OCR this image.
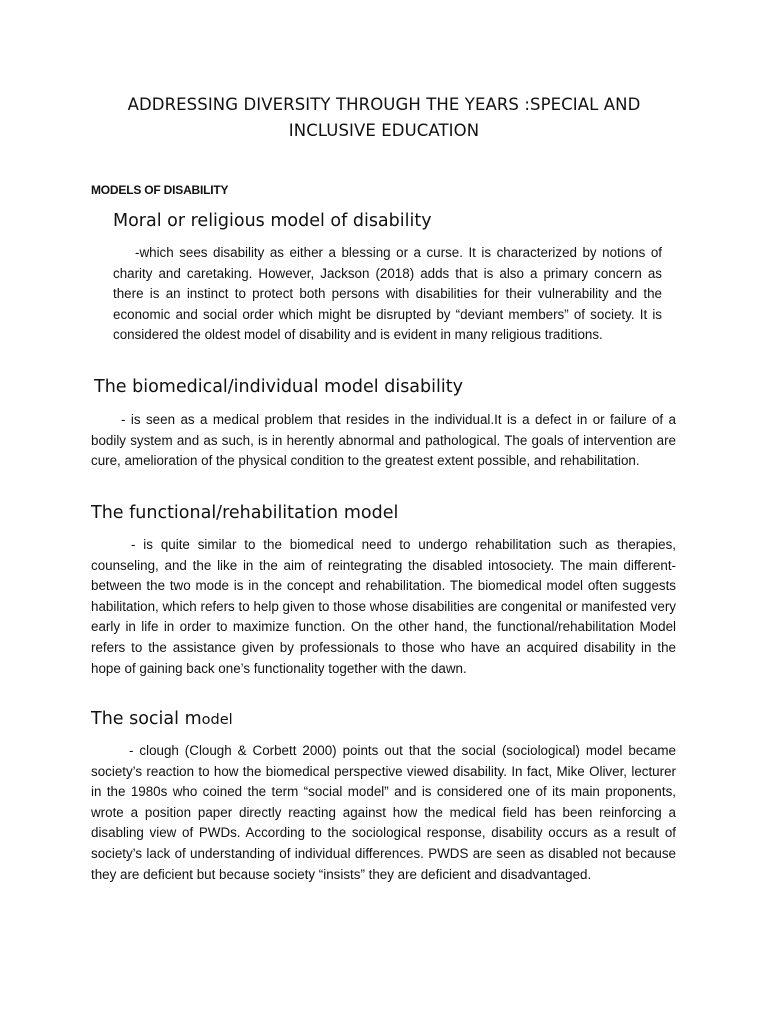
ADDRESSING DIVERSITY THROUGH THE YEARS :SPECIAL AND
INCLUSIVE EDUCATION
MODELS OF DISABILITY
Moral or religious model of disability

-which sees disability as either a blessing or a curse. It is characterized by notions of charity and caretaking. However, Jackson (2018) adds that is also a primary concern as there is an instinct to protect both persons with disabilities for their vulnerability and the economic and social order which might be disrupted by “deviant members” of society. It is considered the oldest model of disability and is evident in many religious traditions.

The biomedical/individual model disability

- is seen as a medical problem that resides in the individual.It is a defect in or failure of a bodily system and as such, is in herently abnormal and pathological. The goals of intervention are cure, amelioration of the physical condition to the greatest extent possible, and rehabilitation.

The functional/rehabilitation model

- is quite similar to the biomedical need to undergo rehabilitation such as therapies, counseling, and the like in the aim of reintegrating the disabled intosociety. The main different- between the two mode is in the concept and rehabilitation. The biomedical model often suggests habilitation, which refers to help given to those whose disabilities are congenital or manifested very early in life in order to maximize function. On the other hand, the functional/rehabilitation Model refers to the assistance given by professionals to those who have an acquired disability in the hope of gaining back one’s functionality together with the dawn.

The social model

- clough (Clough & Corbett 2000) points out that the social (sociological) model became society’s reaction to how the biomedical perspective viewed disability. In fact, Mike Oliver, lecturer in the 1980s who coined the term “social model” and is considered one of its main proponents, wrote a position paper directly reacting against how the medical field has been reinforcing a disabling view of PWDs. According to the sociological response, disability occurs as a result of society’s lack of understanding of individual differences. PWDS are seen as disabled not because they are deficient but because society “insists” they are deficient and disadvantaged.
